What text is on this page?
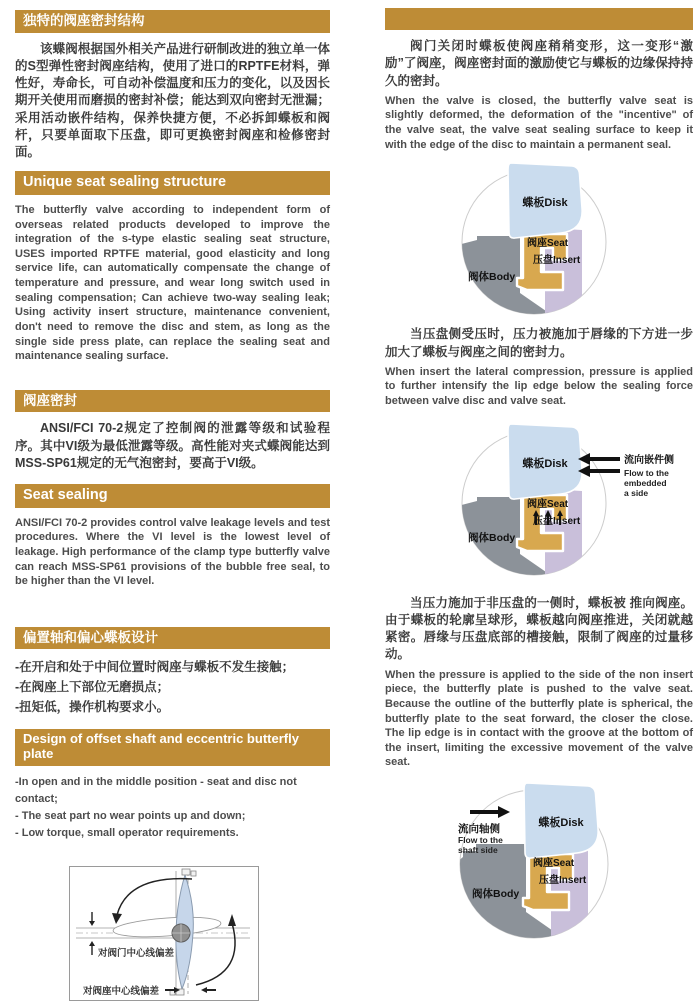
独特的阀座密封结构

该蝶阀根据国外相关产品进行研制改进的独立单一体的S型弹性密封阀座结构，使用了进口的RPTFE材料，弹性好，寿命长，可自动补偿温度和压力的变化，以及因长期开关使用而磨损的密封补偿；能达到双向密封无泄漏；采用活动嵌件结构，保养快捷方便，不必拆卸蝶板和阀杆，只要单面取下压盘，即可更换密封阀座和检修密封面。

Unique seat sealing structure

The butterfly valve according to independent form of overseas related products developed to improve the integration of the s-type elastic sealing seat structure, USES imported RPTFE material, good elasticity and long service life, can automatically compensate the change of temperature and pressure, and wear long switch used in sealing compensation; Can achieve two-way sealing leak; Using activity insert structure, maintenance convenient, don't need to remove the disc and stem, as long as the single side press plate, can replace the sealing seat and maintenance sealing surface.

阀座密封

ANSI/FCI 70-2规定了控制阀的泄露等级和试验程序。其中VI级为最低泄露等级。高性能对夹式蝶阀能达到MSS-SP61规定的无气泡密封，要高于VI级。

Seat sealing

ANSI/FCI 70-2 provides control valve leakage levels and test procedures. Where the VI level is the lowest level of leakage. High performance of the clamp type butterfly valve can reach MSS-SP61 provisions of the bubble free seal, to be higher than the VI level.

偏置轴和偏心蝶板设计
-在开启和处于中间位置时阀座与蝶板不发生接触；
-在阀座上下部位无磨损点；
-扭矩低，操作机构要求小。
Design of offset shaft and eccentric butterfly plate
-In open and in the middle position - seat and disc not contact;
- The seat part no wear points up and down;
- Low torque, small operator requirements.
对阀门中心线偏差
对阀座中心线偏差

阀门关闭时蝶板使阀座稍稍变形，这一变形“激励”了阀座，阀座密封面的激励使它与蝶板的边缘保持持久的密封。

When the valve is closed, the butterfly valve seat is slightly deformed, the deformation of the "incentive" of the valve seat, the valve seat sealing surface to keep it with the edge of the disc to maintain a permanent seal.

蝶板Disk
阀座Seat
压盘Insert
阀体Body

当压盘侧受压时，压力被施加于唇缘的下方进一步加大了蝶板与阀座之间的密封力。

When insert the lateral compression, pressure is applied to further intensify the lip edge below the sealing force between valve disc and valve seat.

蝶板Disk
阀座Seat
压盘Insert
阀体Body
流向嵌件侧
Flow to the
embedded
a side

当压力施加于非压盘的一侧时，蝶板被 推向阀座。由于蝶板的轮廓呈球形，蝶板越向阀座推进，关闭就越紧密。唇缘与压盘底部的槽接触，限制了阀座的过量移动。

When the pressure is applied to the side of the non insert piece, the butterfly plate is pushed to the valve seat. Because the outline of the butterfly plate is spherical, the butterfly plate to the seat forward, the closer the close. The lip edge is in contact with the groove at the bottom of the insert, limiting the excessive movement of the valve seat.

蝶板Disk
阀座Seat
压盘Insert
阀体Body
流向轴侧
Flow to the
shaft side
